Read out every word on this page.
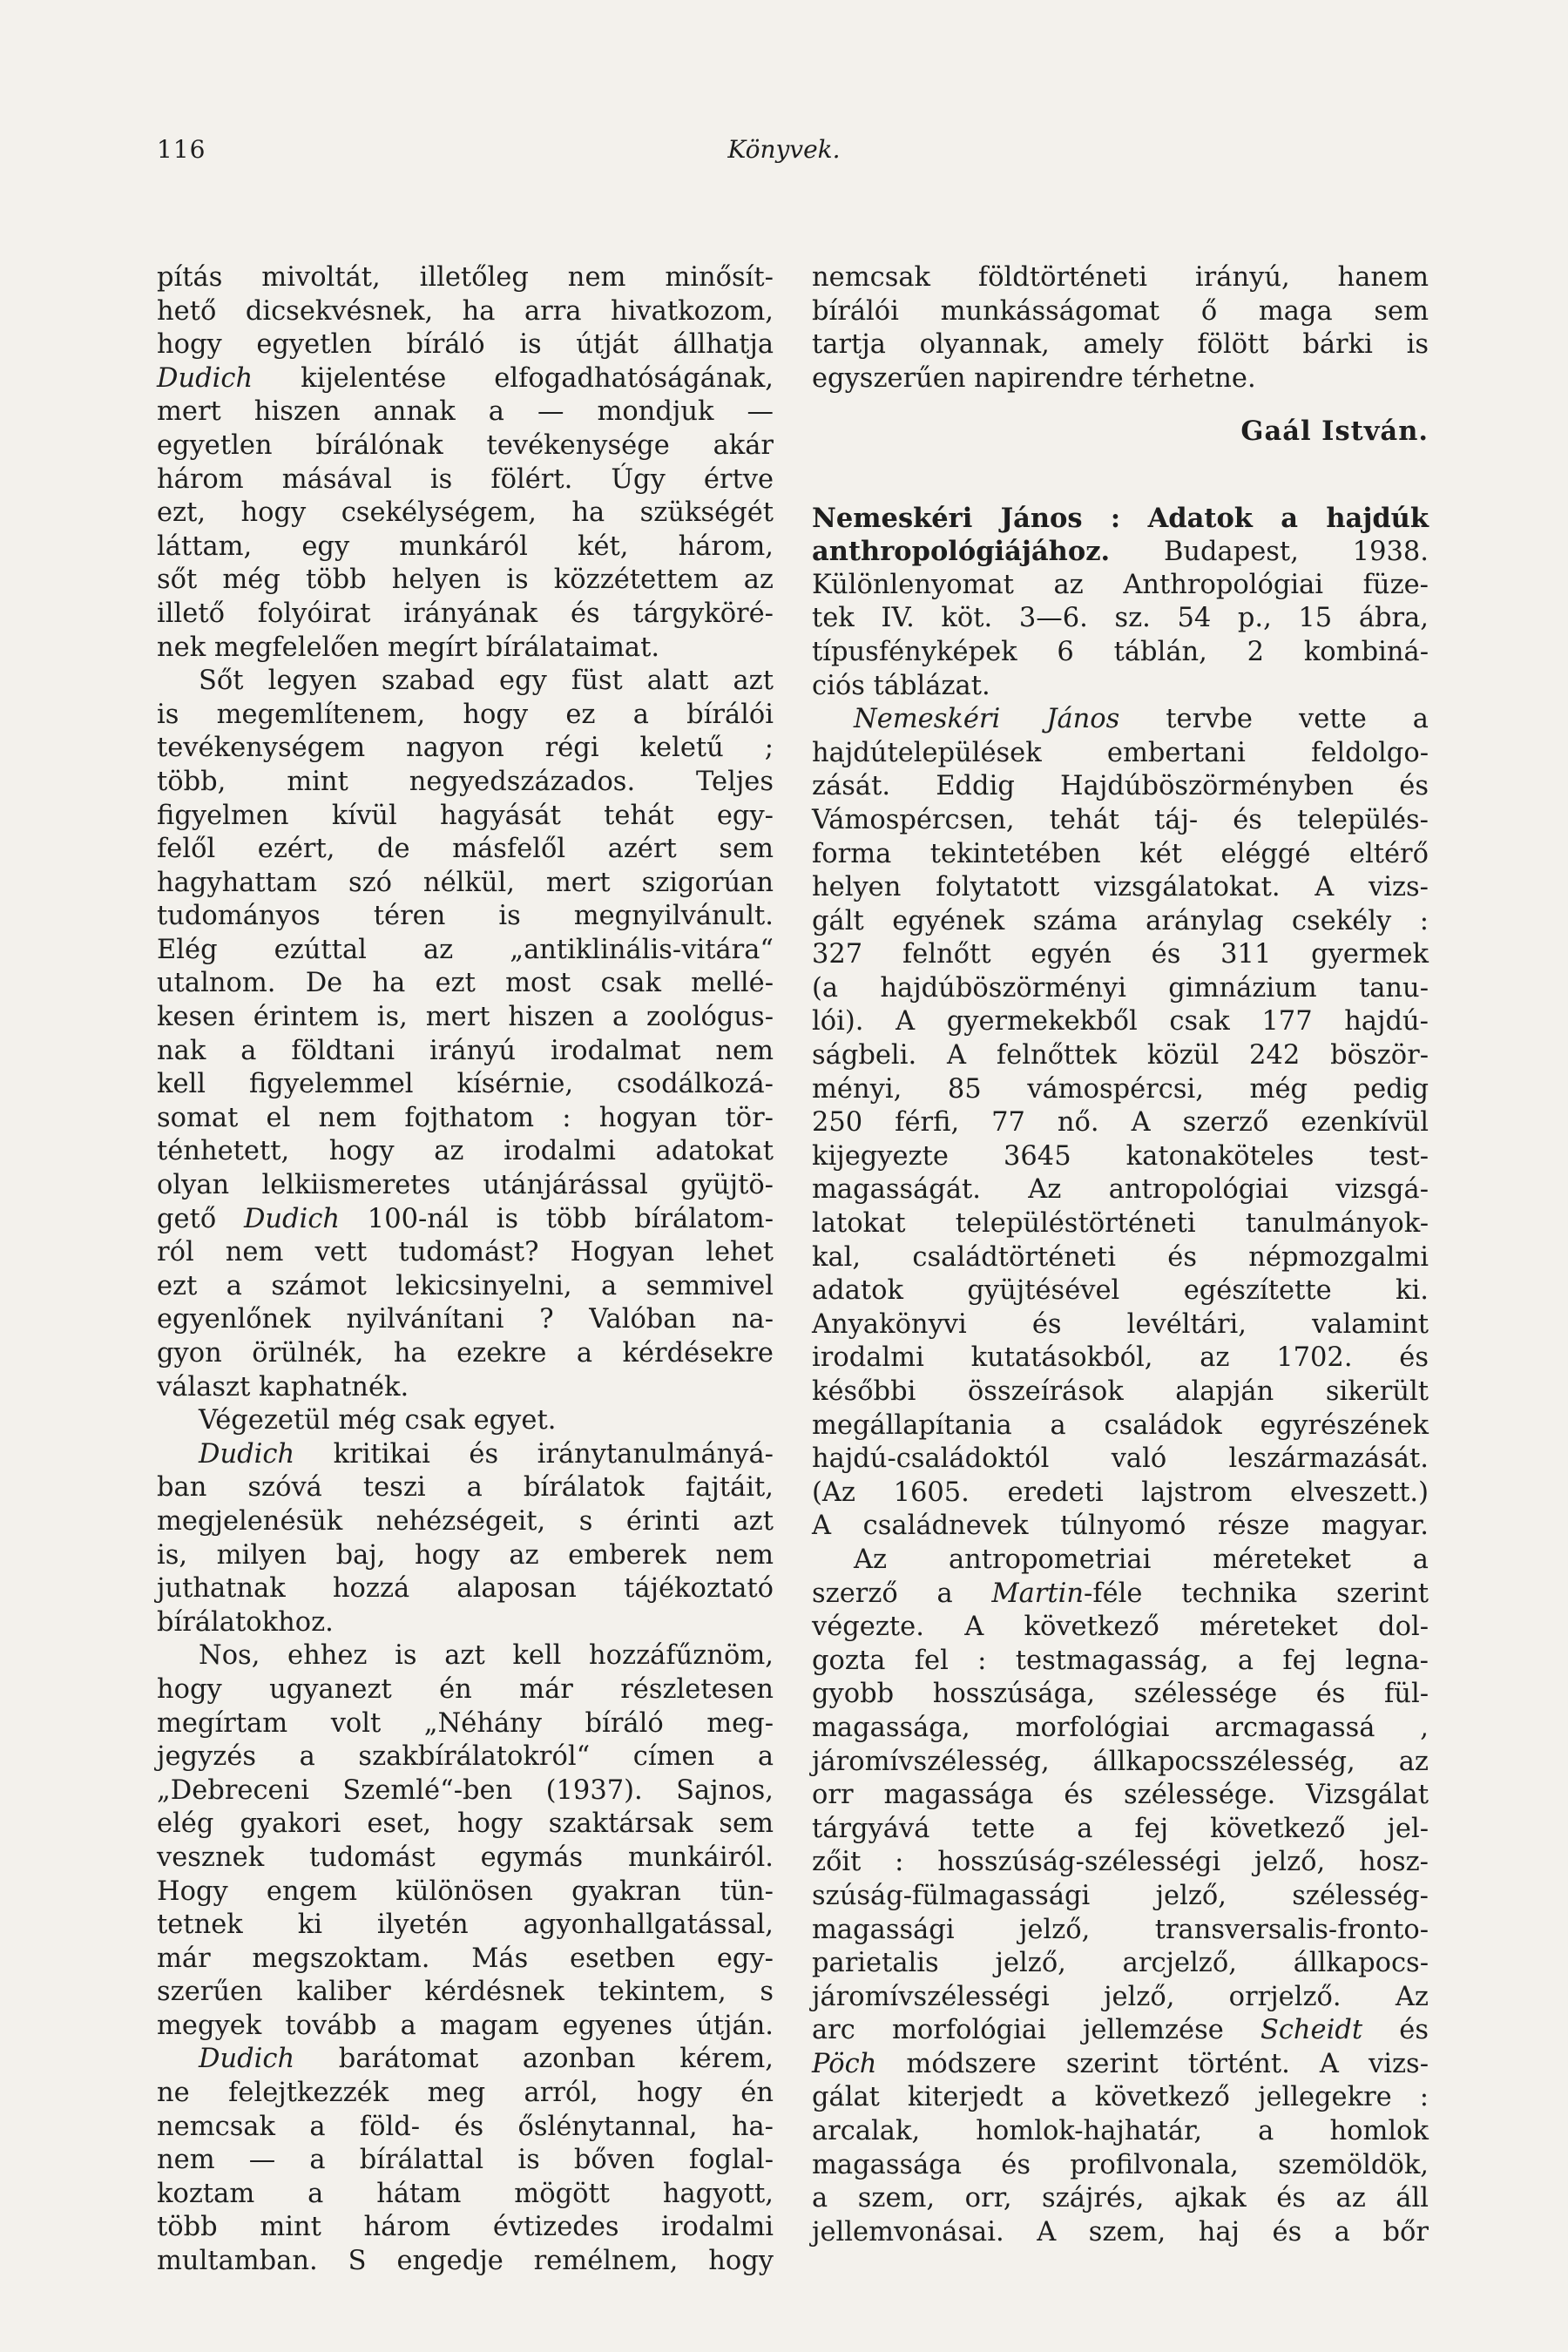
116	Könyvek.
pítás mivoltát, illetőleg nem minősít-
hető dicsekvésnek, ha arra hivatkozom,
hogy egyetlen bíráló is útját állhatja
Dudich kijelentése elfogadhatóságának,
mert hiszen annak a — mondjuk —
egyetlen bírálónak tevékenysége akár
három másával is fölért. Úgy értve
ezt, hogy csekélységem, ha szükségét
láttam, egy munkáról két, három,
sőt még több helyen is közzétettem az
illető folyóirat irányának és tárgyköré-
nek megfelelően megírt bírálataimat.
Sőt legyen szabad egy füst alatt azt
is megemlítenem, hogy ez a bírálói
tevékenységem nagyon régi keletű ;
több, mint negyedszázados. Teljes
figyelmen kívül hagyását tehát egy-
felől ezért, de másfelől azért sem
hagyhattam szó nélkül, mert szigorúan
tudományos téren is megnyilvánult.
Elég ezúttal az „antiklinális-vitára“
utalnom. De ha ezt most csak mellé-
kesen érintem is, mert hiszen a zoológus-
nak a földtani irányú irodalmat nem
kell figyelemmel kísérnie, csodálkozá-
somat el nem fojthatom : hogyan tör-
ténhetett, hogy az irodalmi adatokat
olyan lelkiismeretes utánjárással gyüjtö-
gető Dudich 100-nál is több bírálatom-
ról nem vett tudomást? Hogyan lehet
ezt a számot lekicsinyelni, a semmivel
egyenlőnek nyilvánítani ? Valóban na-
gyon örülnék, ha ezekre a kérdésekre
választ kaphatnék.
Végezetül még csak egyet.
Dudich kritikai és iránytanulmányá-
ban szóvá teszi a bírálatok fajtáit,
megjelenésük nehézségeit, s érinti azt
is, milyen baj, hogy az emberek nem
juthatnak hozzá alaposan tájékoztató
bírálatokhoz.
Nos, ehhez is azt kell hozzáfűznöm,
hogy ugyanezt én már részletesen
megírtam volt „Néhány bíráló meg-
jegyzés a szakbírálatokról“ címen a
„Debreceni Szemlé“-ben (1937). Sajnos,
elég gyakori eset, hogy szaktársak sem
vesznek tudomást egymás munkáiról.
Hogy engem különösen gyakran tün-
tetnek ki ilyetén agyonhallgatással,
már megszoktam. Más esetben egy-
szerűen kaliber kérdésnek tekintem, s
megyek tovább a magam egyenes útján.
Dudich barátomat azonban kérem,
ne felejtkezzék meg arról, hogy én
nemcsak a föld- és őslénytannal, ha-
nem — a bírálattal is bőven foglal-
koztam a hátam mögött hagyott,
több mint három évtizedes irodalmi
multamban. S engedje remélnem, hogy
nemcsak földtörténeti irányú, hanem
bírálói munkásságomat ő maga sem
tartja olyannak, amely fölött bárki is
egyszerűen napirendre térhetne.
Gaál István.
Nemeskéri János : Adatok a hajdúk
anthropológiájához. Budapest, 1938.
Különlenyomat az Anthropológiai füze-
tek IV. köt. 3—6. sz. 54 p., 15 ábra,
típusfényképek 6 táblán, 2 kombiná-
ciós táblázat.
Nemeskéri János tervbe vette a
hajdútelepülések embertani feldolgo-
zását. Eddig Hajdúböszörményben és
Vámospércsen, tehát táj- és település-
forma tekintetében két eléggé eltérő
helyen folytatott vizsgálatokat. A vizs-
gált egyének száma aránylag csekély :
327 felnőtt egyén és 311 gyermek
(a hajdúböszörményi gimnázium tanu-
lói). A gyermekekből csak 177 hajdú-
ságbeli. A felnőttek közül 242 böször-
ményi, 85 vámospércsi, még pedig
250 férfi, 77 nő. A szerző ezenkívül
kijegyezte 3645 katonaköteles test-
magasságát. Az antropológiai vizsgá-
latokat településtörténeti tanulmányok-
kal, családtörténeti és népmozgalmi
adatok gyüjtésével egészítette ki.
Anyakönyvi és levéltári, valamint
irodalmi kutatásokból, az 1702. és
későbbi összeírások alapján sikerült
megállapítania a családok egyrészének
hajdú-családoktól való leszármazását.
(Az 1605. eredeti lajstrom elveszett.)
A családnevek túlnyomó része magyar.
Az antropometriai méreteket a
szerző a Martin-féle technika szerint
végezte. A következő méreteket dol-
gozta fel : testmagasság, a fej legna-
gyobb hosszúsága, szélessége és fül-
magassága, morfológiai arcmagassá ,
járomívszélesség, állkapocsszélesség, az
orr magassága és szélessége. Vizsgálat
tárgyává tette a fej következő jel-
zőit : hosszúság-szélességi jelző, hosz-
szúság-fülmagassági jelző, szélesség-
magassági jelző, transversalis-fronto-
parietalis jelző, arcjelző, állkapocs-
járomívszélességi jelző, orrjelző. Az
arc morfológiai jellemzése Scheidt és
Pöch módszere szerint történt. A vizs-
gálat kiterjedt a következő jellegekre :
arcalak, homlok-hajhatár, a homlok
magassága és profilvonala, szemöldök,
a szem, orr, szájrés, ajkak és az áll
jellemvonásai. A szem, haj és a bőr
